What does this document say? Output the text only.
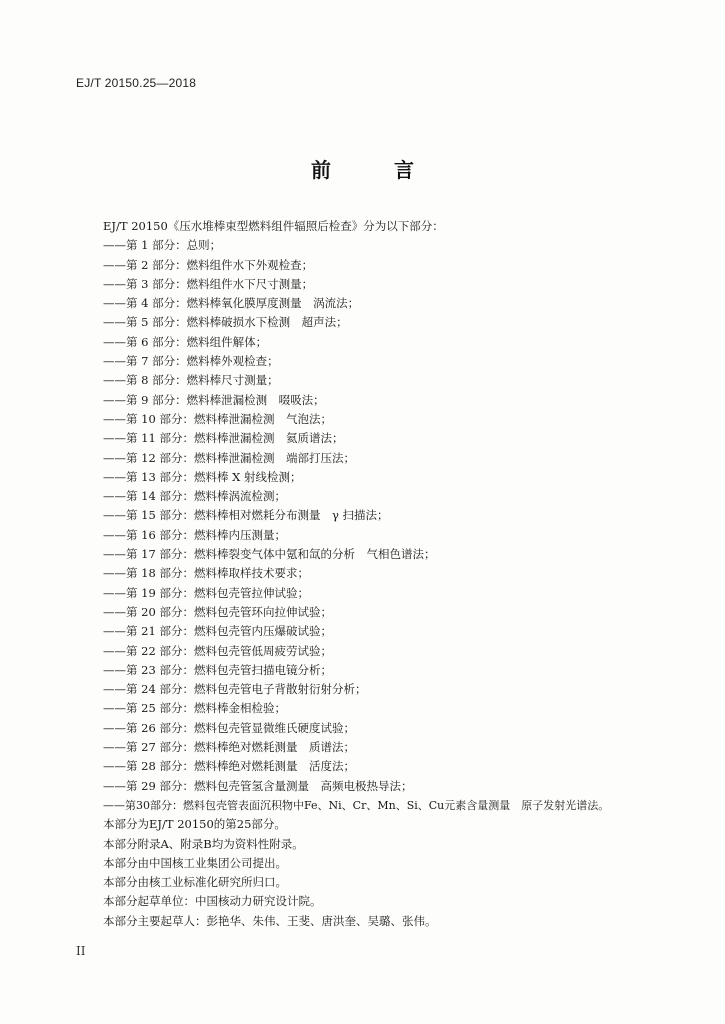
EJ/T 20150.25—2018
前 言
EJ/T 20150《压水堆棒束型燃料组件辐照后检查》分为以下部分：
——第 1 部分：总则；
——第 2 部分：燃料组件水下外观检查；
——第 3 部分：燃料组件水下尺寸测量；
——第 4 部分：燃料棒氧化膜厚度测量　涡流法；
——第 5 部分：燃料棒破损水下检测　超声法；
——第 6 部分：燃料组件解体；
——第 7 部分：燃料棒外观检查；
——第 8 部分：燃料棒尺寸测量；
——第 9 部分：燃料棒泄漏检测　啜吸法；
——第 10 部分：燃料棒泄漏检测　气泡法；
——第 11 部分：燃料棒泄漏检测　氦质谱法；
——第 12 部分：燃料棒泄漏检测　端部打压法；
——第 13 部分：燃料棒 X 射线检测；
——第 14 部分：燃料棒涡流检测；
——第 15 部分：燃料棒相对燃耗分布测量　γ 扫描法；
——第 16 部分：燃料棒内压测量；
——第 17 部分：燃料棒裂变气体中氪和氙的分析　气相色谱法；
——第 18 部分：燃料棒取样技术要求；
——第 19 部分：燃料包壳管拉伸试验；
——第 20 部分：燃料包壳管环向拉伸试验；
——第 21 部分：燃料包壳管内压爆破试验；
——第 22 部分：燃料包壳管低周疲劳试验；
——第 23 部分：燃料包壳管扫描电镜分析；
——第 24 部分：燃料包壳管电子背散射衍射分析；
——第 25 部分：燃料棒金相检验；
——第 26 部分：燃料包壳管显微维氏硬度试验；
——第 27 部分：燃料棒绝对燃耗测量　质谱法；
——第 28 部分：燃料棒绝对燃耗测量　活度法；
——第 29 部分：燃料包壳管氢含量测量　高频电极热导法；
——第30部分：燃料包壳管表面沉积物中Fe、Ni、Cr、Mn、Si、Cu元素含量测量　原子发射光谱法。
本部分为EJ/T 20150的第25部分。
本部分附录A、附录B均为资料性附录。
本部分由中国核工业集团公司提出。
本部分由核工业标准化研究所归口。
本部分起草单位：中国核动力研究设计院。
本部分主要起草人：彭艳华、朱伟、王斐、唐洪奎、吴璐、张伟。
II
